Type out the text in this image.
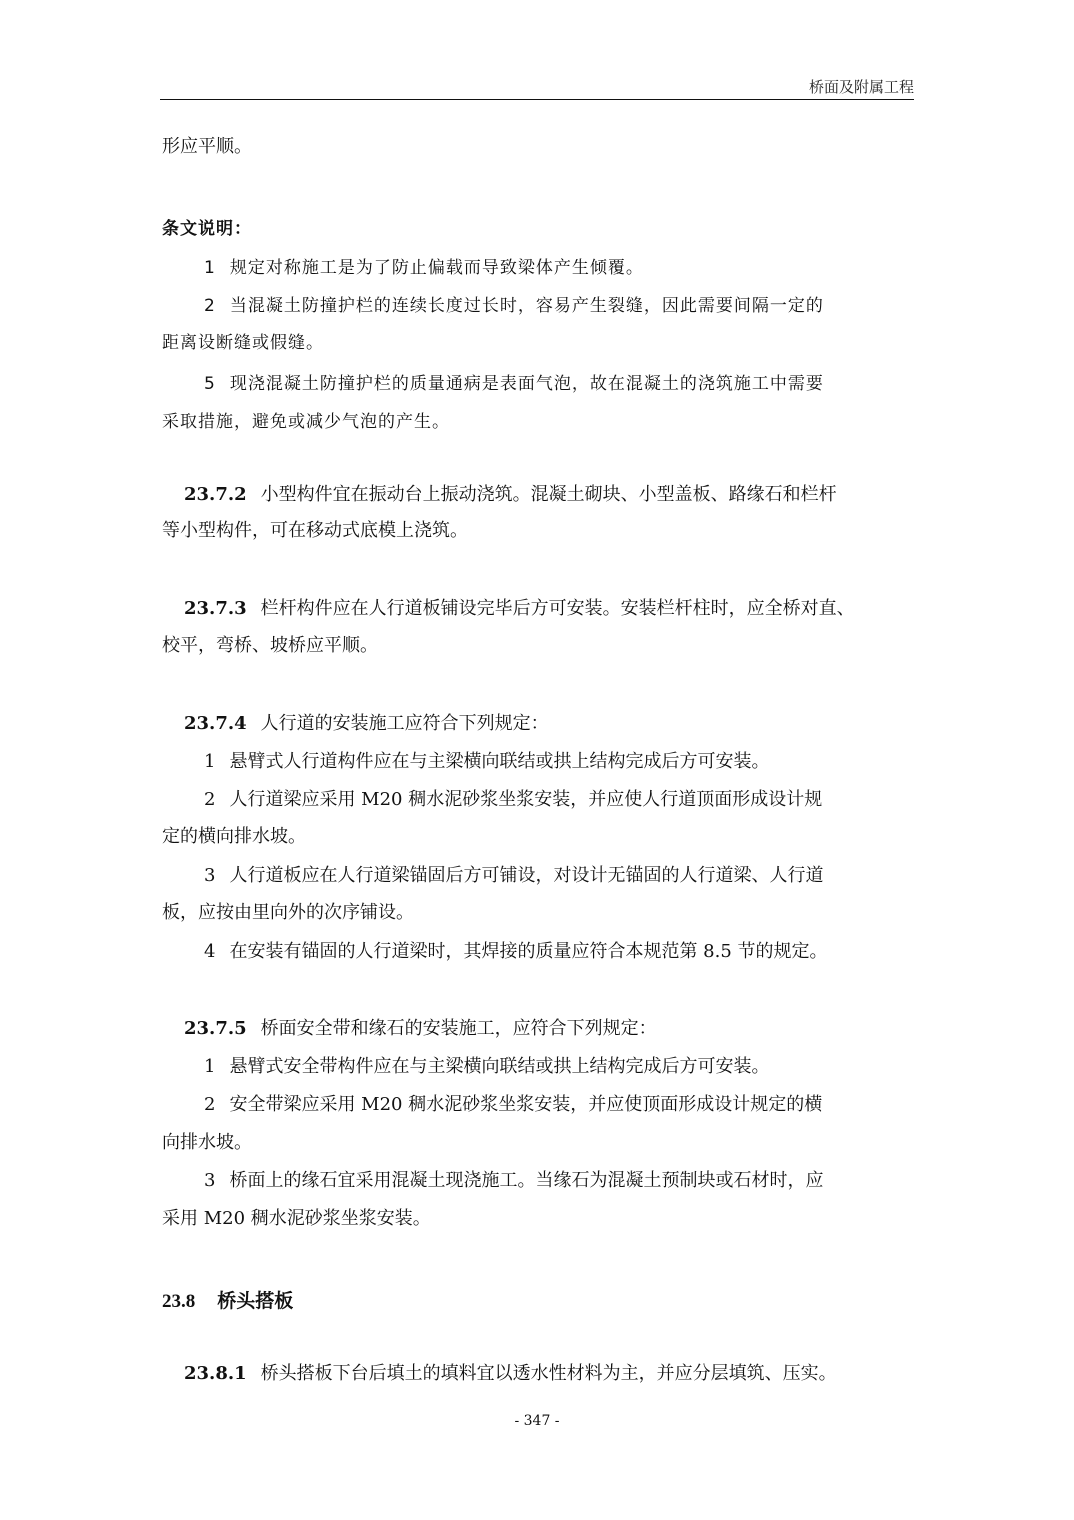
桥面及附属工程
形应平顺。
条文说明：
1 规定对称施工是为了防止偏载而导致梁体产生倾覆。
2 当混凝土防撞护栏的连续长度过长时，容易产生裂缝，因此需要间隔一定的
距离设断缝或假缝。
5 现浇混凝土防撞护栏的质量通病是表面气泡，故在混凝土的浇筑施工中需要
采取措施，避免或减少气泡的产生。
23.7.2 小型构件宜在振动台上振动浇筑。混凝土砌块、小型盖板、路缘石和栏杆
等小型构件，可在移动式底模上浇筑。
23.7.3 栏杆构件应在人行道板铺设完毕后方可安装。安装栏杆柱时，应全桥对直、
校平，弯桥、坡桥应平顺。
23.7.4 人行道的安装施工应符合下列规定：
1 悬臂式人行道构件应在与主梁横向联结或拱上结构完成后方可安装。
2 人行道梁应采用 M20 稠水泥砂浆坐浆安装，并应使人行道顶面形成设计规
定的横向排水坡。
3 人行道板应在人行道梁锚固后方可铺设，对设计无锚固的人行道梁、人行道
板，应按由里向外的次序铺设。
4 在安装有锚固的人行道梁时，其焊接的质量应符合本规范第 8.5 节的规定。
23.7.5 桥面安全带和缘石的安装施工，应符合下列规定：
1 悬臂式安全带构件应在与主梁横向联结或拱上结构完成后方可安装。
2 安全带梁应采用 M20 稠水泥砂浆坐浆安装，并应使顶面形成设计规定的横
向排水坡。
3 桥面上的缘石宜采用混凝土现浇施工。当缘石为混凝土预制块或石材时，应
采用 M20 稠水泥砂浆坐浆安装。
23.8 桥头搭板
23.8.1 桥头搭板下台后填土的填料宜以透水性材料为主，并应分层填筑、压实。
- 347 -
